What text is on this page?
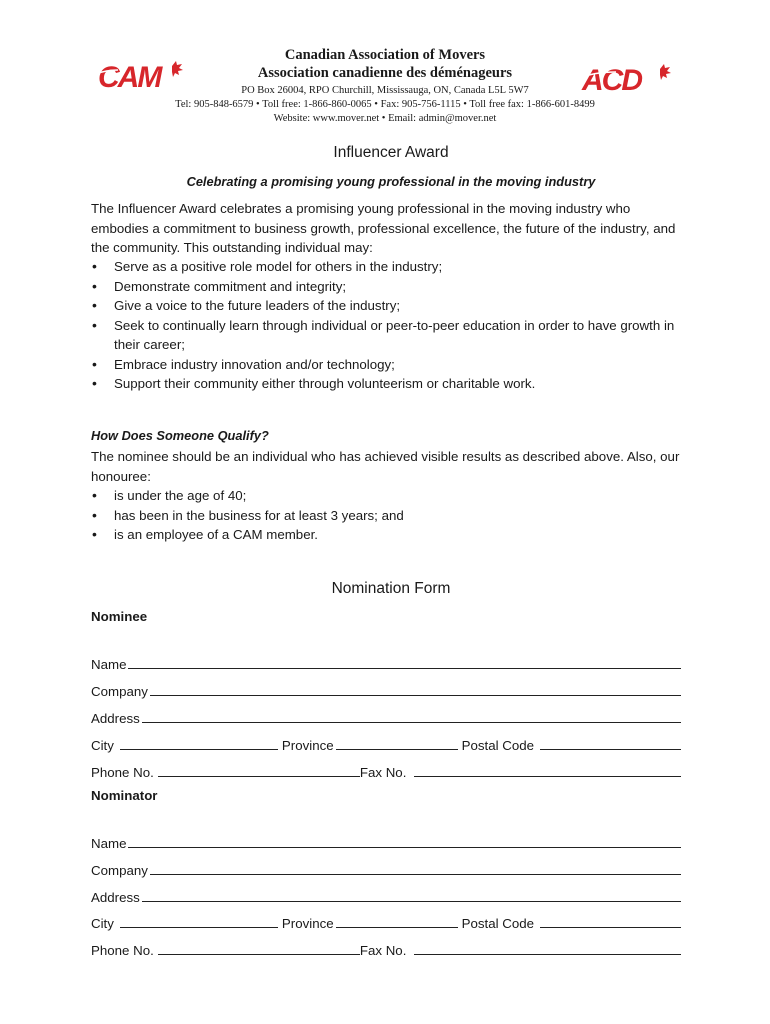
CAM	ACD
Canadian Association of Movers
Association canadienne des déménageurs
PO Box 26004, RPO Churchill, Mississauga, ON, Canada L5L 5W7
Tel: 905-848-6579 • Toll free: 1-866-860-0065 • Fax: 905-756-1115 • Toll free fax: 1-866-601-8499
Website: www.mover.net • Email: admin@mover.net
Influencer Award
Celebrating a promising young professional in the moving industry
The Influencer Award celebrates a promising young professional in the moving industry who embodies a commitment to business growth, professional excellence, the future of the industry, and the community. This outstanding individual may:
• Serve as a positive role model for others in the industry;
• Demonstrate commitment and integrity;
• Give a voice to the future leaders of the industry;
• Seek to continually learn through individual or peer-to-peer education in order to have growth in their career;
• Embrace industry innovation and/or technology;
• Support their community either through volunteerism or charitable work.
How Does Someone Qualify?
The nominee should be an individual who has achieved visible results as described above. Also, our honouree:
• is under the age of 40;
• has been in the business for at least 3 years; and
• is an employee of a CAM member.
Nomination Form
Nominee
Name
Company
Address
City	Province	Postal Code
Phone No.	Fax No.
Nominator
Name
Company
Address
City	Province	Postal Code
Phone No.	Fax No.
